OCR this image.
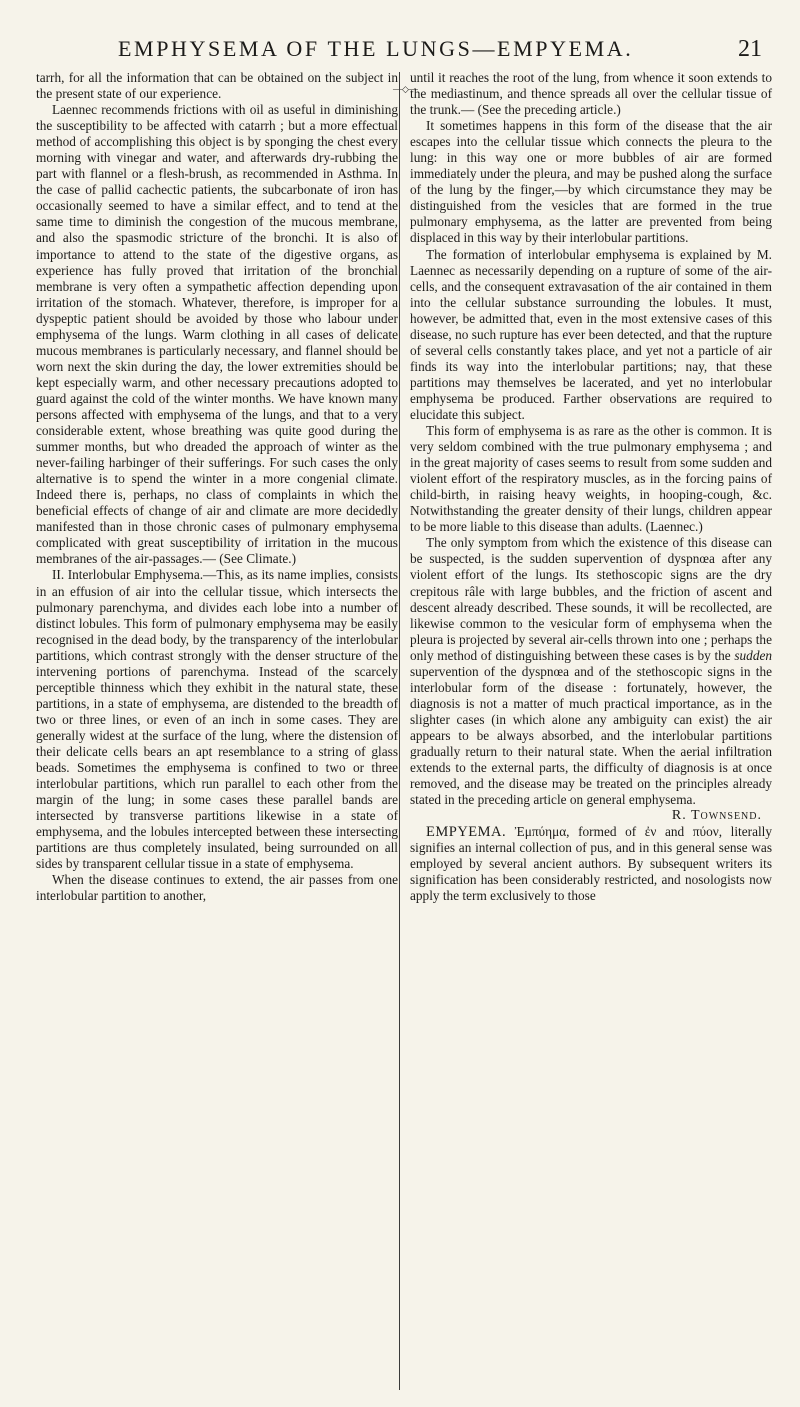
EMPHYSEMA OF THE LUNGS—EMPYEMA.	21
—◇—

tarrh, for all the information that can be obtained on the subject in the present state of our experience.

Laennec recommends frictions with oil as useful in diminishing the susceptibility to be affected with catarrh ; but a more effectual method of accomplishing this object is by sponging the chest every morning with vinegar and water, and afterwards dry-rubbing the part with flannel or a flesh-brush, as recommended in Asthma. In the case of pallid cachectic patients, the subcarbonate of iron has occasionally seemed to have a similar effect, and to tend at the same time to diminish the congestion of the mucous membrane, and also the spasmodic stricture of the bronchi. It is also of importance to attend to the state of the digestive organs, as experience has fully proved that irritation of the bronchial membrane is very often a sympathetic affection depending upon irritation of the stomach. Whatever, therefore, is improper for a dyspeptic patient should be avoided by those who labour under emphysema of the lungs. Warm clothing in all cases of delicate mucous membranes is particularly necessary, and flannel should be worn next the skin during the day, the lower extremities should be kept especially warm, and other necessary precautions adopted to guard against the cold of the winter months. We have known many persons affected with emphysema of the lungs, and that to a very considerable extent, whose breathing was quite good during the summer months, but who dreaded the approach of winter as the never-failing harbinger of their sufferings. For such cases the only alternative is to spend the winter in a more congenial climate. Indeed there is, perhaps, no class of complaints in which the beneficial effects of change of air and climate are more decidedly manifested than in those chronic cases of pulmonary emphysema complicated with great susceptibility of irritation in the mucous membranes of the air-passages.— (See Climate.)

II. Interlobular Emphysema.—This, as its name implies, consists in an effusion of air into the cellular tissue, which intersects the pulmonary parenchyma, and divides each lobe into a number of distinct lobules. This form of pulmonary emphysema may be easily recognised in the dead body, by the transparency of the interlobular partitions, which contrast strongly with the denser structure of the intervening portions of parenchyma. Instead of the scarcely perceptible thinness which they exhibit in the natural state, these partitions, in a state of emphysema, are distended to the breadth of two or three lines, or even of an inch in some cases. They are generally widest at the surface of the lung, where the distension of their delicate cells bears an apt resemblance to a string of glass beads. Sometimes the emphysema is confined to two or three interlobular partitions, which run parallel to each other from the margin of the lung; in some cases these parallel bands are intersected by transverse partitions likewise in a state of emphysema, and the lobules intercepted between these intersecting partitions are thus completely insulated, being surrounded on all sides by transparent cellular tissue in a state of emphysema.

When the disease continues to extend, the air passes from one interlobular partition to another,

until it reaches the root of the lung, from whence it soon extends to the mediastinum, and thence spreads all over the cellular tissue of the trunk.— (See the preceding article.)

It sometimes happens in this form of the disease that the air escapes into the cellular tissue which connects the pleura to the lung: in this way one or more bubbles of air are formed immediately under the pleura, and may be pushed along the surface of the lung by the finger,—by which circumstance they may be distinguished from the vesicles that are formed in the true pulmonary emphysema, as the latter are prevented from being displaced in this way by their interlobular partitions.

The formation of interlobular emphysema is explained by M. Laennec as necessarily depending on a rupture of some of the air-cells, and the consequent extravasation of the air contained in them into the cellular substance surrounding the lobules. It must, however, be admitted that, even in the most extensive cases of this disease, no such rupture has ever been detected, and that the rupture of several cells constantly takes place, and yet not a particle of air finds its way into the interlobular partitions; nay, that these partitions may themselves be lacerated, and yet no interlobular emphysema be produced. Farther observations are required to elucidate this subject.

This form of emphysema is as rare as the other is common. It is very seldom combined with the true pulmonary emphysema ; and in the great majority of cases seems to result from some sudden and violent effort of the respiratory muscles, as in the forcing pains of child-birth, in raising heavy weights, in hooping-cough, &c. Notwithstanding the greater density of their lungs, children appear to be more liable to this disease than adults. (Laennec.)

The only symptom from which the existence of this disease can be suspected, is the sudden supervention of dyspnœa after any violent effort of the lungs. Its stethoscopic signs are the dry crepitous râle with large bubbles, and the friction of ascent and descent already described. These sounds, it will be recollected, are likewise common to the vesicular form of emphysema when the pleura is projected by several air-cells thrown into one ; perhaps the only method of distinguishing between these cases is by the sudden supervention of the dyspnœa and of the stethoscopic signs in the interlobular form of the disease : fortunately, however, the diagnosis is not a matter of much practical importance, as in the slighter cases (in which alone any ambiguity can exist) the air appears to be always absorbed, and the interlobular partitions gradually return to their natural state. When the aerial infiltration extends to the external parts, the difficulty of diagnosis is at once removed, and the disease may be treated on the principles already stated in the preceding article on general emphysema.

R. Townsend.

EMPYEMA. Ἐμπύημα, formed of ἐν and πύον, literally signifies an internal collection of pus, and in this general sense was employed by several ancient authors. By subsequent writers its signification has been considerably restricted, and nosologists now apply the term exclusively to those
